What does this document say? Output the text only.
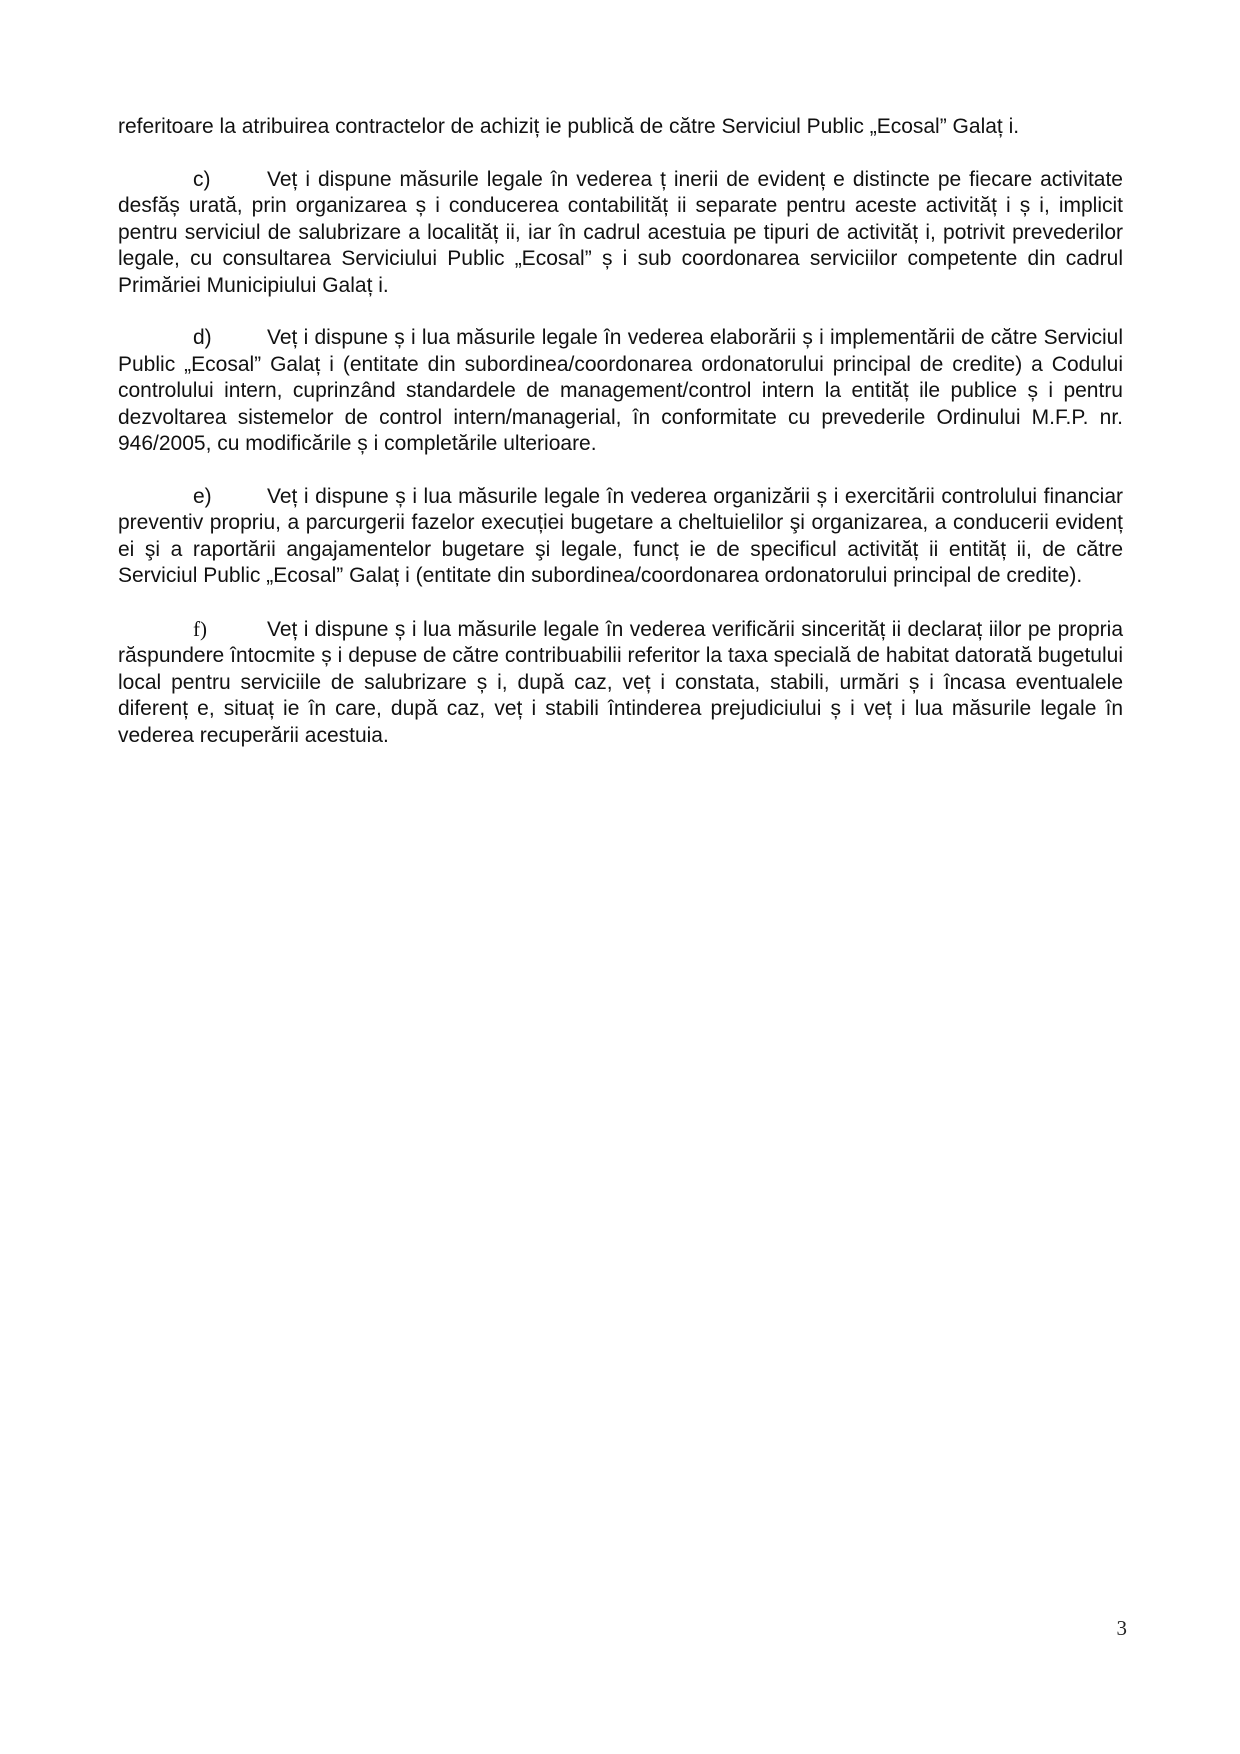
referitoare la atribuirea contractelor de achiziț ie publică de către Serviciul Public „Ecosal” Galaț i.

c)	Veț i dispune măsurile legale în vederea ț inerii de evidenț e distincte pe fiecare activitate desfăș urată, prin organizarea ș i conducerea contabilităț ii separate pentru aceste activităț i ș i, implicit pentru serviciul de salubrizare a localităț ii, iar în cadrul acestuia pe tipuri de activităț i, potrivit prevederilor legale, cu consultarea Serviciului Public „Ecosal” ș i sub coordonarea serviciilor competente din cadrul Primăriei Municipiului Galaț i.

d)	Veț i dispune ș i lua măsurile legale în vederea elaborării ș i implementării de către Serviciul Public „Ecosal” Galaț i (entitate din subordinea/coordonarea ordonatorului principal de credite) a Codului controlului intern, cuprinzând standardele de management/control intern la entităț ile publice ș i pentru dezvoltarea sistemelor de control intern/managerial, în conformitate cu prevederile Ordinului M.F.P. nr. 946/2005, cu modificările ș i completările ulterioare.

e)	Veț i dispune ș i lua măsurile legale în vederea organizării ș i exercitării controlului financiar preventiv propriu, a parcurgerii fazelor execuției bugetare a cheltuielilor şi organizarea, a conducerii evidenț ei şi a raportării angajamentelor bugetare şi legale, funcț ie de specificul activităț ii entităț ii, de către Serviciul Public „Ecosal” Galaț i (entitate din subordinea/coordonarea ordonatorului principal de credite).

f)	Veț i dispune ș i lua măsurile legale în vederea verificării sincerităț ii declaraț iilor pe propria răspundere întocmite ș i depuse de către contribuabilii referitor la taxa specială de habitat datorată bugetului local pentru serviciile de salubrizare ș i, după caz, veț i constata, stabili, urmări ș i încasa eventualele diferenț e, situaț ie în care, după caz, veț i stabili întinderea prejudiciului ș i veț i lua măsurile legale în vederea recuperării acestuia.

3
